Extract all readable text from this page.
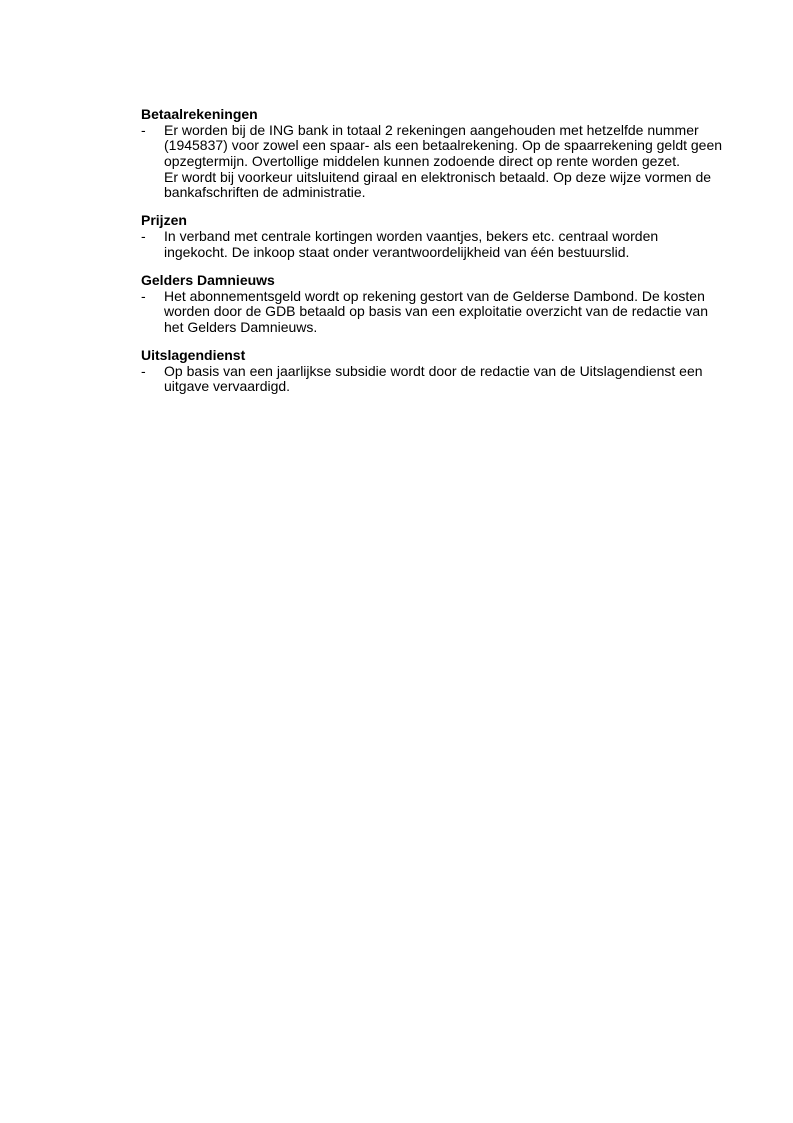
Betaalrekeningen
-	Er worden bij de ING bank in totaal 2 rekeningen aangehouden met hetzelfde nummer
(1945837) voor zowel een spaar- als een betaalrekening. Op de spaarrekening geldt geen
opzegtermijn. Overtollige middelen kunnen zodoende direct op rente worden gezet.
Er wordt bij voorkeur uitsluitend giraal en elektronisch betaald. Op deze wijze vormen de
bankafschriften de administratie.
Prijzen
-	In verband met centrale kortingen worden vaantjes, bekers etc. centraal worden
ingekocht. De inkoop staat onder verantwoordelijkheid van één bestuurslid.
Gelders Damnieuws
-	Het abonnementsgeld wordt op rekening gestort van de Gelderse Dambond. De kosten
worden door de GDB betaald op basis van een exploitatie overzicht van de redactie van
het Gelders Damnieuws.
Uitslagendienst
-	Op basis van een jaarlijkse subsidie wordt door de redactie van de Uitslagendienst een
uitgave vervaardigd.
